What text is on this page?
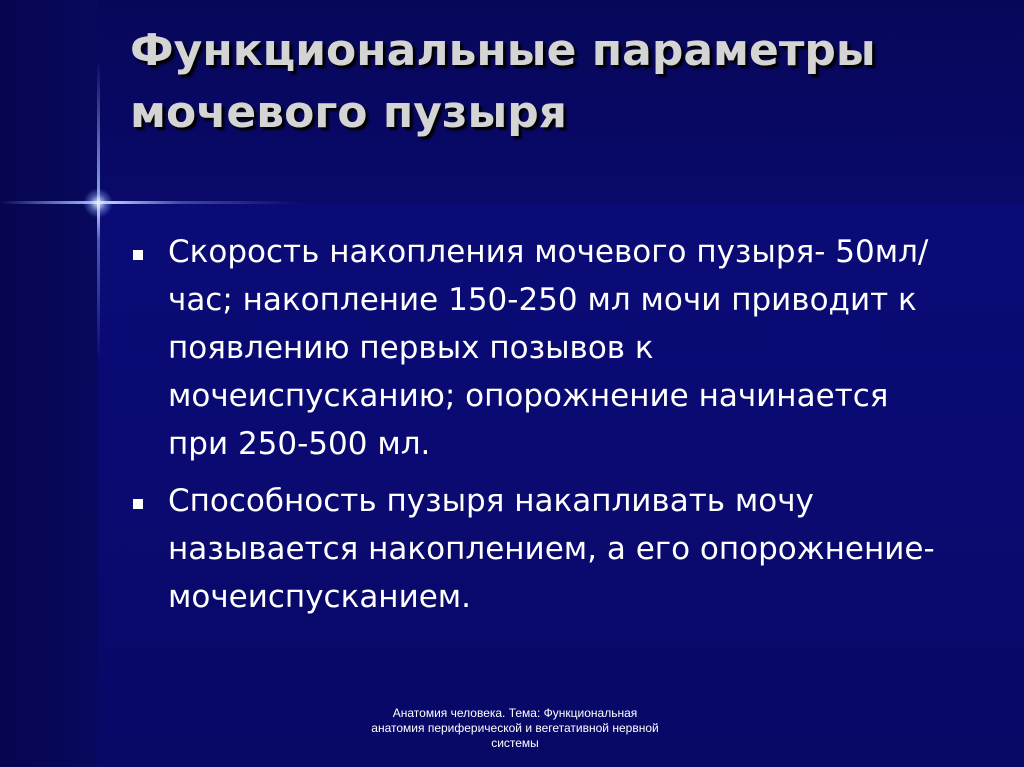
Функциональные параметры мочевого пузыря
Скорость накопления мочевого пузыря- 50мл/час; накопление 150-250 мл мочи приводит к появлению первых позывов к мочеиспусканию; опорожнение начинается при 250-500 мл.
Способность пузыря накапливать мочу называется накоплением, а его опорожнение- мочеиспусканием.
Анатомия человека. Тема: Функциональная анатомия периферической и вегетативной нервной системы
